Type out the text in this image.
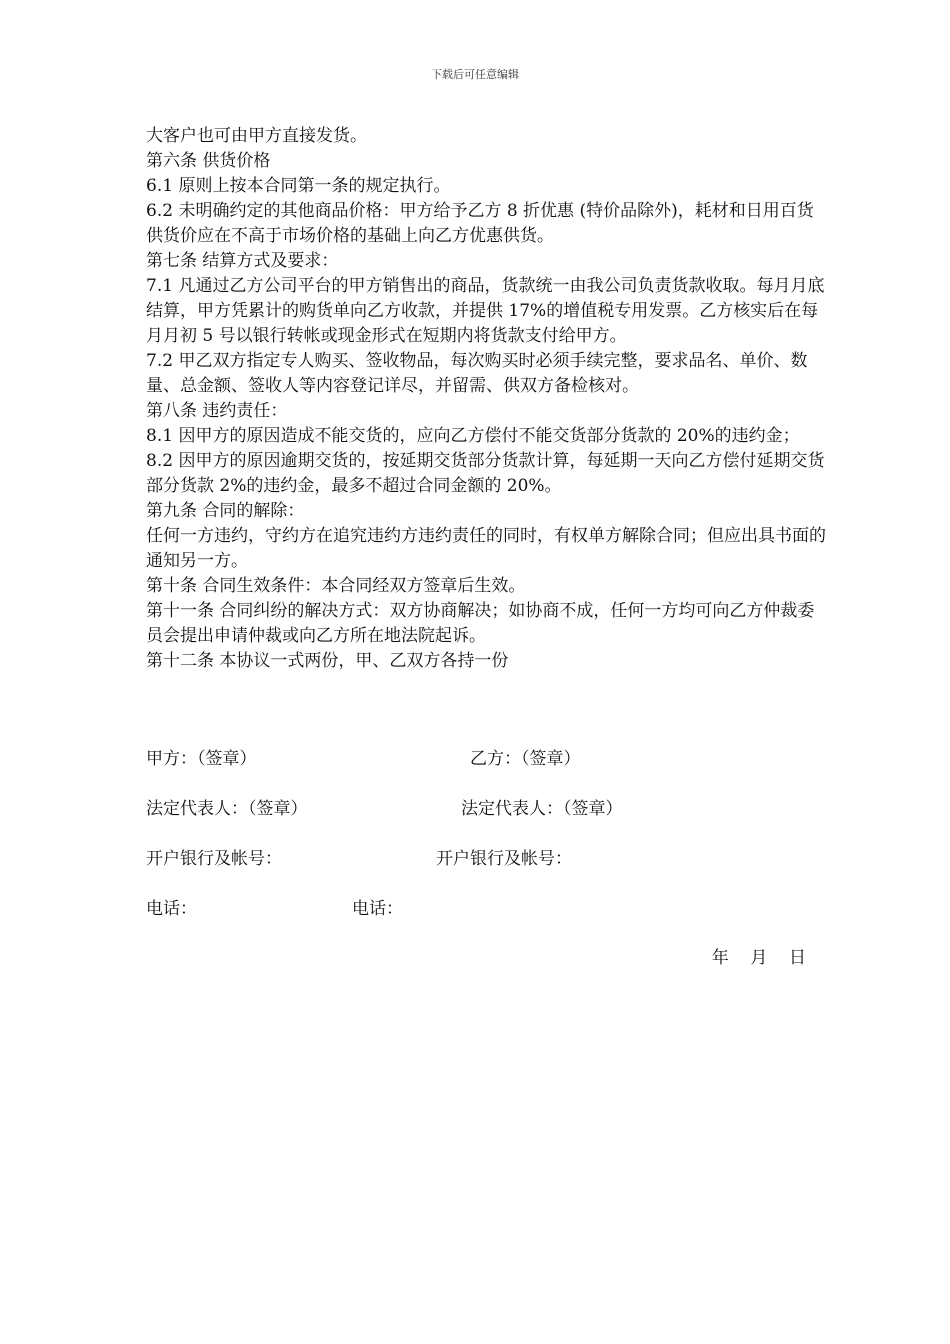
下载后可任意编辑

大客户也可由甲方直接发货。

第六条 供货价格

6.1 原则上按本合同第一条的规定执行。

6.2 未明确约定的其他商品价格：甲方给予乙方 8 折优惠 (特价品除外)，耗材和日用百货供货价应在不高于市场价格的基础上向乙方优惠供货。

第七条 结算方式及要求：

7.1 凡通过乙方公司平台的甲方销售出的商品，货款统一由我公司负责货款收取。每月月底结算，甲方凭累计的购货单向乙方收款，并提供 17%的增值税专用发票。乙方核实后在每月月初 5 号以银行转帐或现金形式在短期内将货款支付给甲方。

7.2 甲乙双方指定专人购买、签收物品，每次购买时必须手续完整，要求品名、单价、数量、总金额、签收人等内容登记详尽，并留需、供双方备检核对。

第八条 违约责任：

8.1 因甲方的原因造成不能交货的，应向乙方偿付不能交货部分货款的 20%的违约金；

8.2 因甲方的原因逾期交货的，按延期交货部分货款计算，每延期一天向乙方偿付延期交货部分货款 2%的违约金，最多不超过合同金额的 20%。

第九条 合同的解除：

任何一方违约，守约方在追究违约方违约责任的同时，有权单方解除合同；但应出具书面的通知另一方。

第十条 合同生效条件：本合同经双方签章后生效。

第十一条 合同纠纷的解决方式：双方协商解决；如协商不成，任何一方均可向乙方仲裁委员会提出申请仲裁或向乙方所在地法院起诉。

第十二条 本协议一式两份，甲、乙双方各持一份

甲方：（签章）	乙方：（签章）
法定代表人：（签章）	法定代表人：（签章）
开户银行及帐号：	开户银行及帐号：
电话：	电话：
年    月    日
